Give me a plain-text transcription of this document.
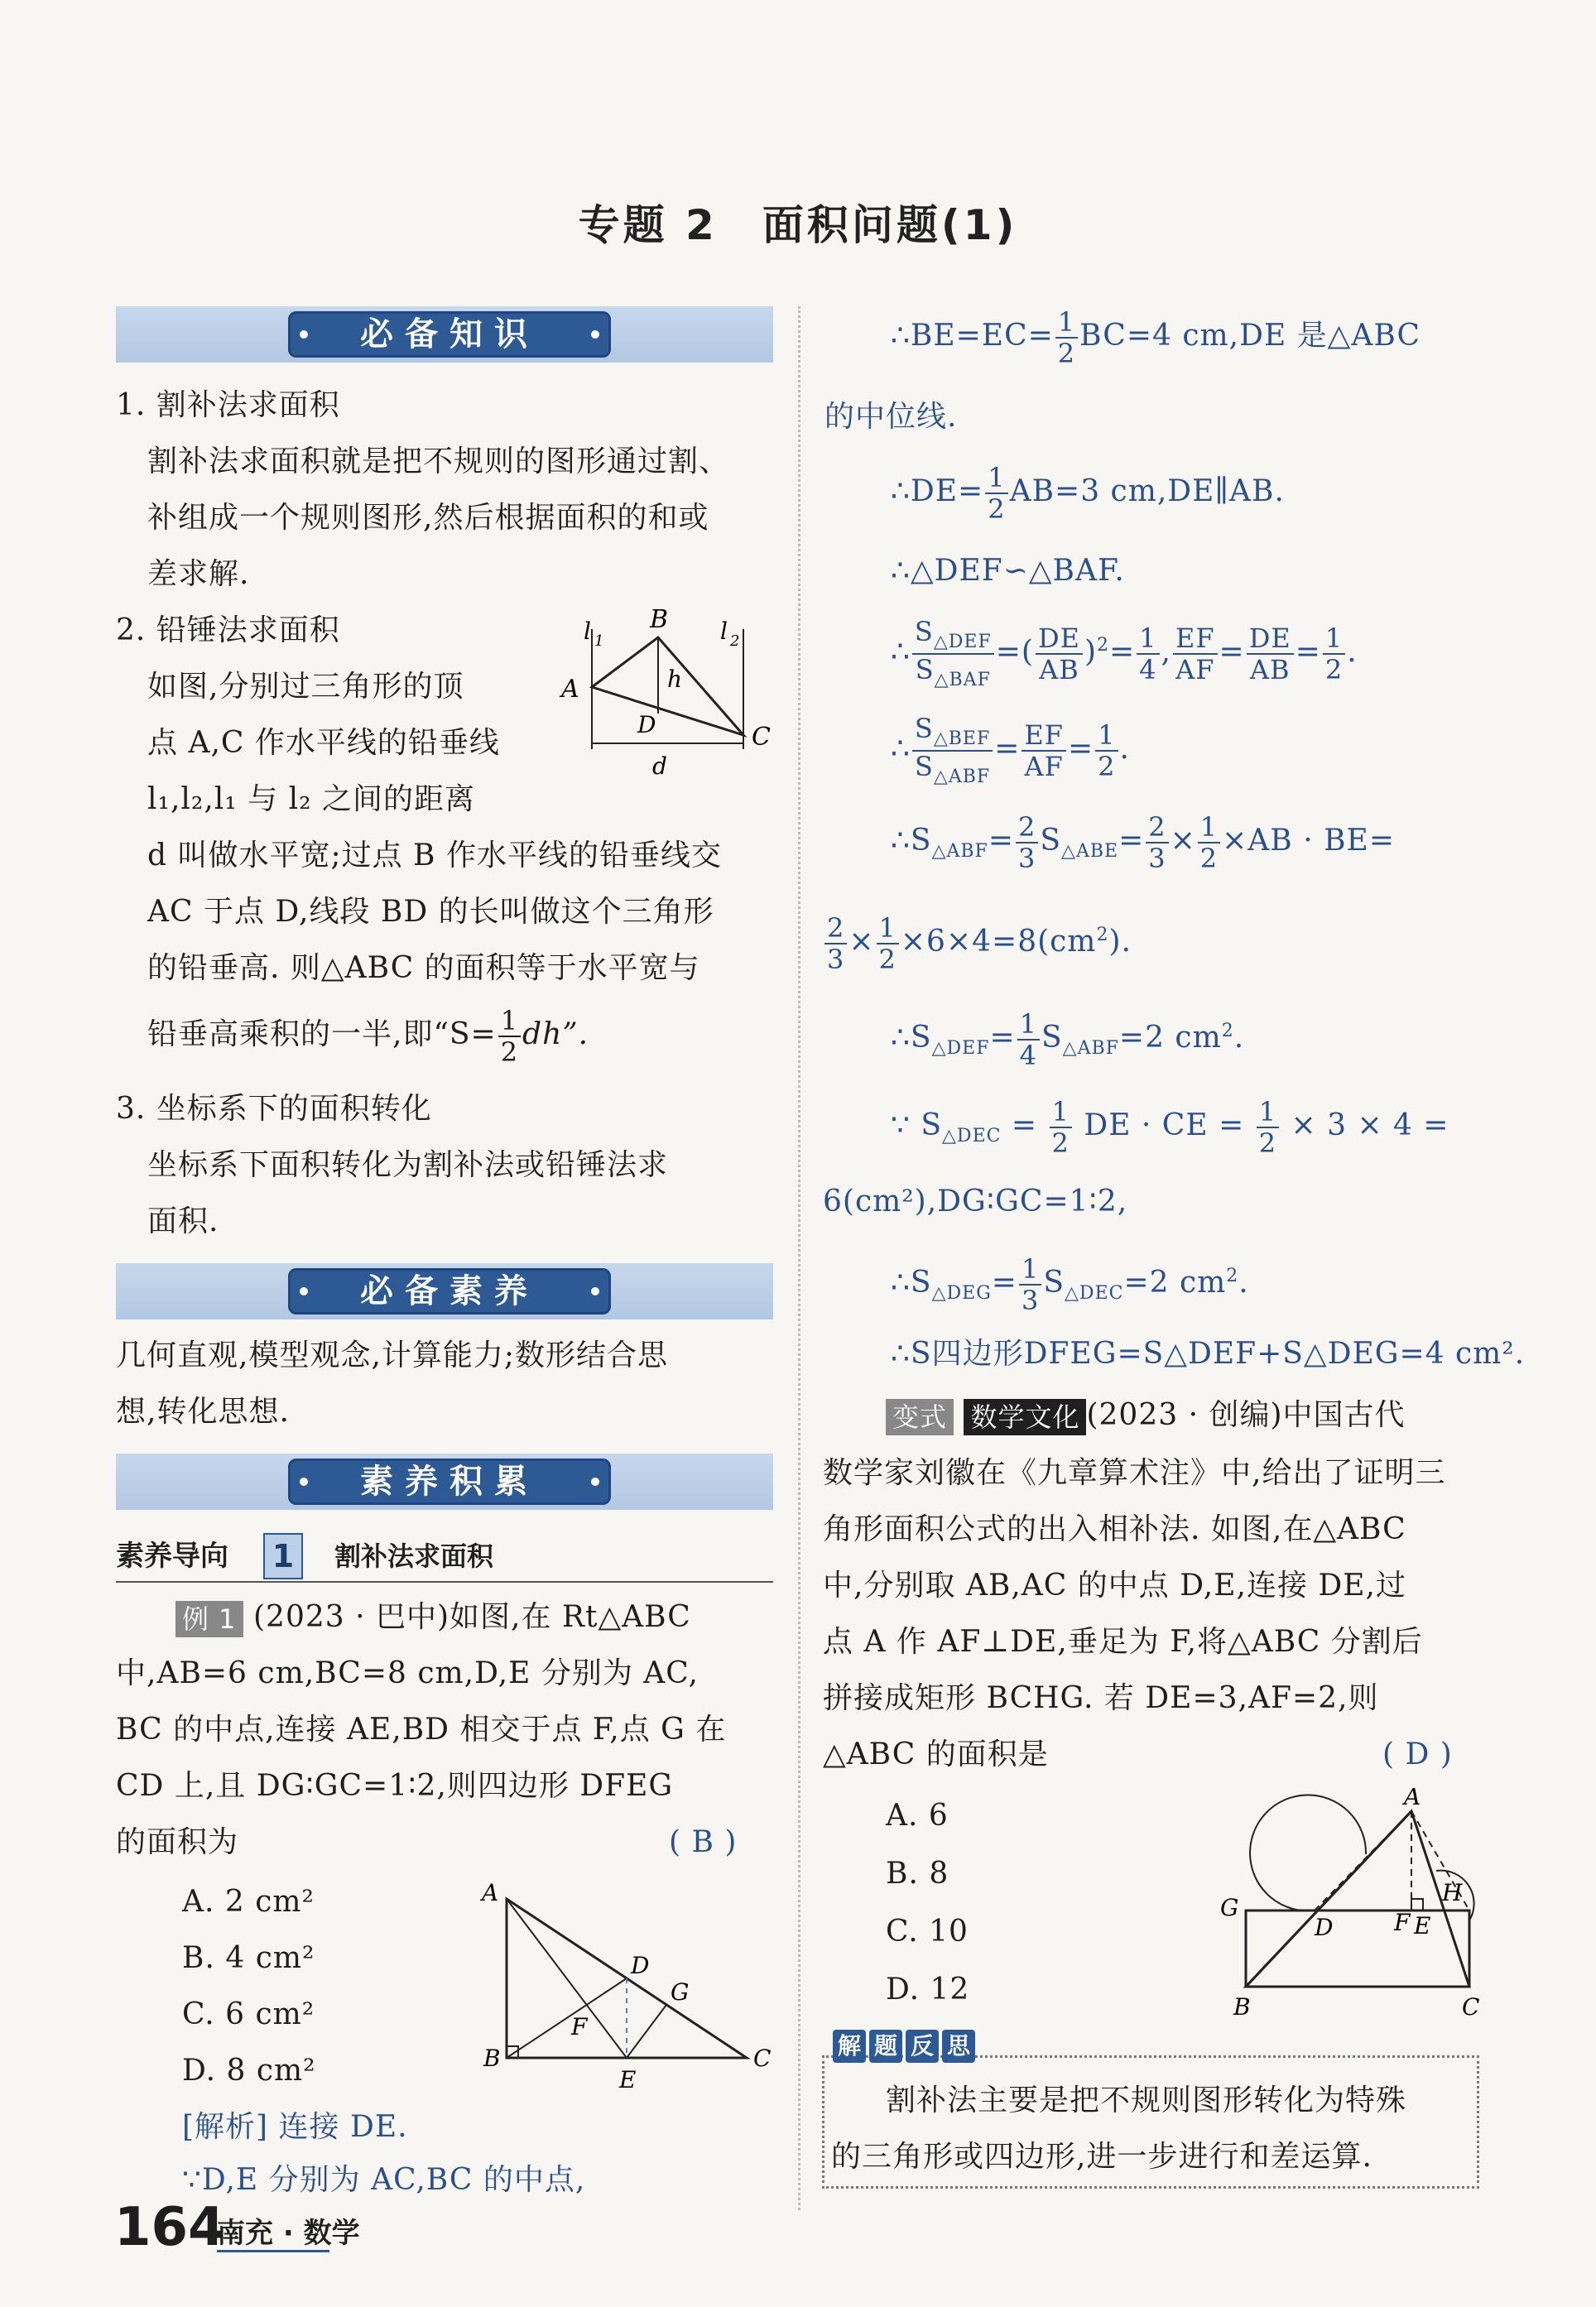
专题 2 面积问题(1)
必备知识
1. 割补法求面积
割补法求面积就是把不规则的图形通过割、
补组成一个规则图形,然后根据面积的和或
差求解.
2. 铅锤法求面积
如图,分别过三角形的顶
点 A,C 作水平线的铅垂线
l₁,l₂,l₁ 与 l₂ 之间的距离
d 叫做水平宽;过点 B 作水平线的铅垂线交
AC 于点 D,线段 BD 的长叫做这个三角形
的铅垂高. 则△ABC 的面积等于水平宽与
铅垂高乘积的一半,即“$S= \frac{1}{2}$ dh”.
l 1	l 2
B
A	h
D	C
d
3. 坐标系下的面积转化
坐标系下面积转化为割补法或铅锤法求
面积.
必备素养
几何直观,模型观念,计算能力;数形结合思
想,转化思想.
素养积累
素养导向 1	割补法求面积
例 1 (2023 · 巴中)如图,在 Rt△ABC
中,AB=6 cm,BC=8 cm,D,E 分别为 AC,
BC 的中点,连接 AE,BD 相交于点 F,点 G 在
CD 上,且 DG∶GC=1∶2,则四边形 DFEG
的面积为	( B )
A. 2 cm²
B. 4 cm²
C. 6 cm²
D. 8 cm²
A
B	C
D
G
F
E
[解析] 连接 DE.
∵D,E 分别为 AC,BC 的中点,
∴BE=EC= $\frac{1}{2} BC=4$ cm,DE 是△ABC
的中位线.
∴DE= $\frac{1}{2} AB=3$ cm,DE∥AB.
∴△DEF∽△BAF.
∴ $\frac{S_{\triangle DEF}}{S_{\triangle BAF}}$ =( $\frac{DE}{AB} )^2= \frac{1}{4}$ , $\frac{EF}{AF} = \frac{DE}{AB} = \frac{1}{2}$ .
∴ $\frac{S_{\triangle BEF}}{S_{\triangle ABF}} = \frac{EF}{AF} = \frac{1}{2}$ .
$\therefore S_{\triangle ABF}= \frac{2}{3} S_{\triangle ABE}= \frac{2}{3} \times \frac{1}{2} \times AB \cdot BE=$
$\frac{2}{3} \times \frac{1}{2} \times 6\times 4=8(cm^2)$.
$\therefore S_{\triangle DEF}= \frac{1}{4} S_{\triangle ABF}=2$ $cm^2$.
∵ $S_{\triangle DEC} = \frac{1}{2}$ DE · CE = $\frac{1}{2} \times 3 \times 4$ =
6(cm²),DG∶GC=1∶2,
$\therefore S_{\triangle DEG}= \frac{1}{3} S_{\triangle DEC}=2$ $cm^2$.
∴S四边形DFEG=S△DEF+S△DEG=4 cm².
变式 数学文化 (2023 · 创编)中国古代
数学家刘徽在《九章算术注》中,给出了证明三
角形面积公式的出入相补法. 如图,在△ABC
中,分别取 AB,AC 的中点 D,E,连接 DE,过
点 A 作 AF⊥DE,垂足为 F,将△ABC 分割后
拼接成矩形 BCHG. 若 DE=3,AF=2,则
△ABC 的面积是	( D )
A. 6
B. 8
C. 10
D. 12
A
G
D	F E
H
B	C
解 题 反 思
割补法主要是把不规则图形转化为特殊
的三角形或四边形,进一步进行和差运算.
164
南充 · 数学
